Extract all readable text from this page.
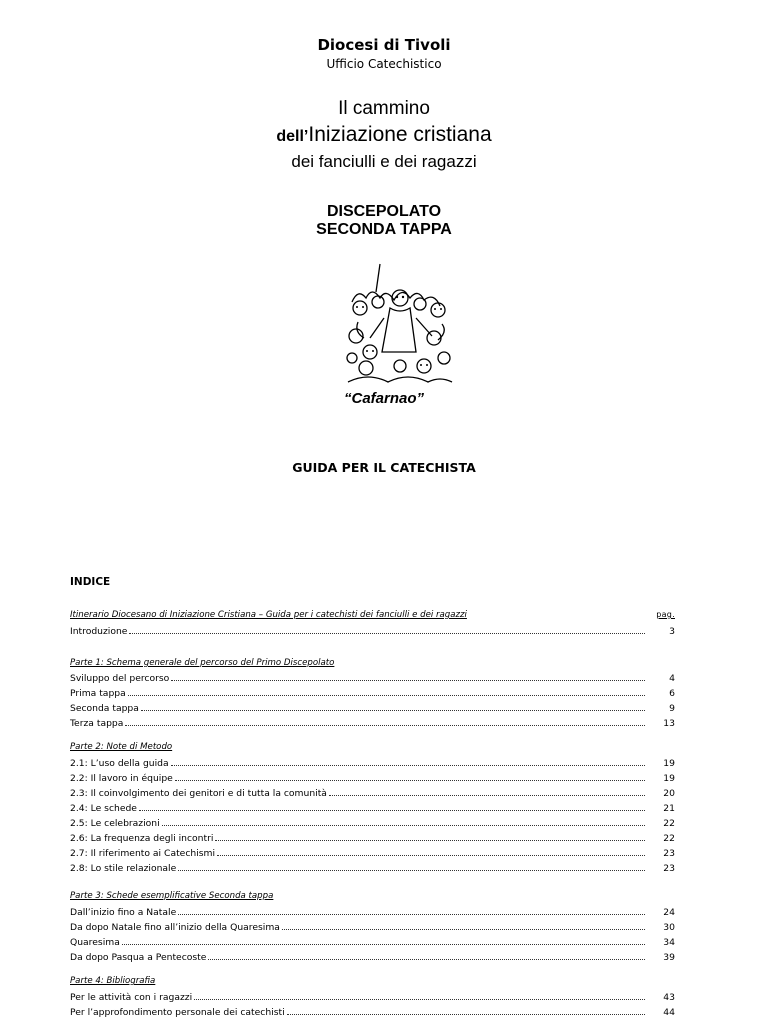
Diocesi di Tivoli
Ufficio Catechistico
Il cammino
dell’Iniziazione cristiana
dei fanciulli e dei ragazzi
DISCEPOLATO
SECONDA TAPPA
“Cafarnao”
GUIDA PER IL CATECHISTA
INDICE
Itinerario Diocesano di Iniziazione Cristiana – Guida per i catechisti dei fanciulli e dei ragazzi	pag.
Introduzione	3
Parte 1: Schema generale del percorso del Primo Discepolato
Sviluppo del percorso	4
Prima tappa	6
Seconda tappa	9
Terza tappa	13
Parte 2: Note di Metodo
2.1: L’uso della guida	19
2.2: Il lavoro in équipe	19
2.3: Il coinvolgimento dei genitori e di tutta la comunità	20
2.4: Le schede	21
2.5: Le celebrazioni	22
2.6: La frequenza degli incontri	22
2.7: Il riferimento ai Catechismi	23
2.8: Lo stile relazionale	23
Parte 3: Schede esemplificative Seconda tappa
Dall’inizio fino a Natale	24
Da dopo Natale fino all’inizio della Quaresima	30
Quaresima	34
Da dopo Pasqua a Pentecoste	39
Parte 4: Bibliografia
Per le attività con i ragazzi	43
Per l’approfondimento personale dei catechisti	44
